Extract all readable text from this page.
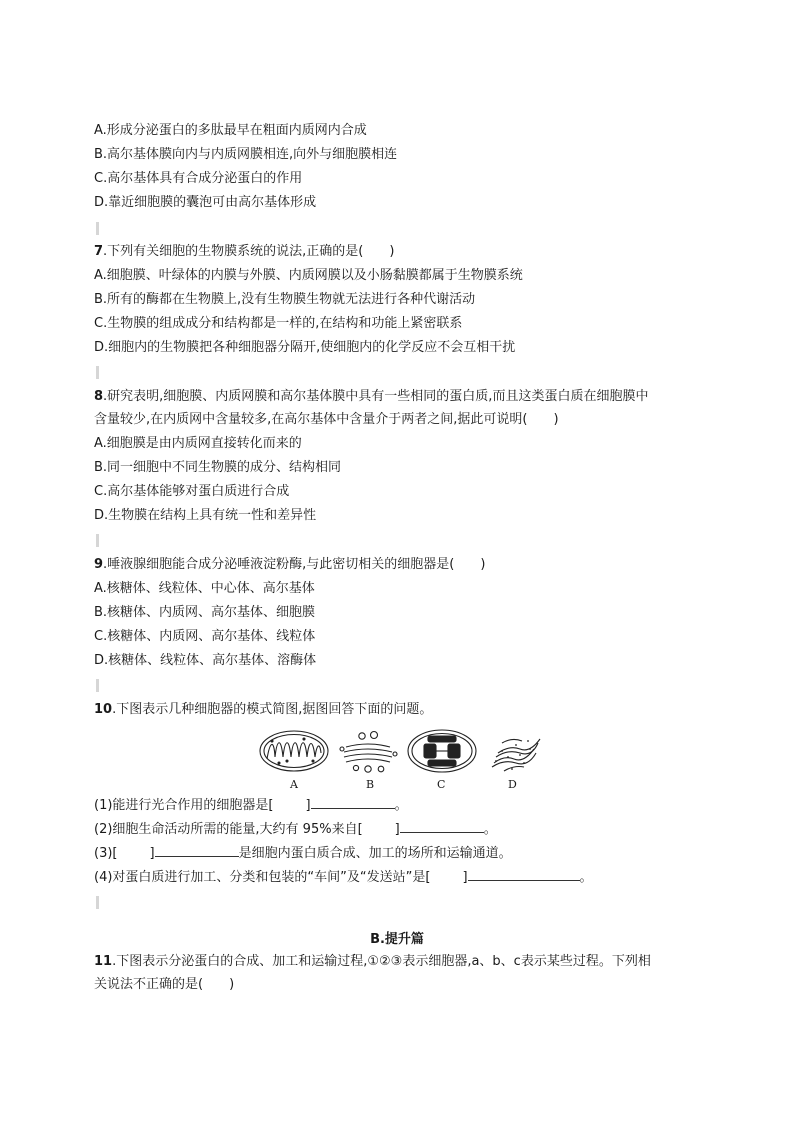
A.形成分泌蛋白的多肽最早在粗面内质网内合成
B.高尔基体膜向内与内质网膜相连,向外与细胞膜相连
C.高尔基体具有合成分泌蛋白的作用
D.靠近细胞膜的囊泡可由高尔基体形成
7.下列有关细胞的生物膜系统的说法,正确的是(　　)
A.细胞膜、叶绿体的内膜与外膜、内质网膜以及小肠黏膜都属于生物膜系统
B.所有的酶都在生物膜上,没有生物膜生物就无法进行各种代谢活动
C.生物膜的组成成分和结构都是一样的,在结构和功能上紧密联系
D.细胞内的生物膜把各种细胞器分隔开,使细胞内的化学反应不会互相干扰
8.研究表明,细胞膜、内质网膜和高尔基体膜中具有一些相同的蛋白质,而且这类蛋白质在细胞膜中
含量较少,在内质网中含量较多,在高尔基体中含量介于两者之间,据此可说明(　　)
A.细胞膜是由内质网直接转化而来的
B.同一细胞中不同生物膜的成分、结构相同
C.高尔基体能够对蛋白质进行合成
D.生物膜在结构上具有统一性和差异性
9.唾液腺细胞能合成分泌唾液淀粉酶,与此密切相关的细胞器是(　　)
A.核糖体、线粒体、中心体、高尔基体
B.核糖体、内质网、高尔基体、细胞膜
C.核糖体、内质网、高尔基体、线粒体
D.核糖体、线粒体、高尔基体、溶酶体
10.下图表示几种细胞器的模式简图,据图回答下面的问题。
A	B	C	D
(1)能进行光合作用的细胞器是[ ]	。
(2)细胞生命活动所需的能量,大约有 95%来自[ ]	。
(3)[ ]	是细胞内蛋白质合成、加工的场所和运输通道。
(4)对蛋白质进行加工、分类和包装的“车间”及“发送站”是[ ]	。
B.提升篇
11.下图表示分泌蛋白的合成、加工和运输过程,①②③表示细胞器,a、b、c表示某些过程。下列相
关说法不正确的是(　　)
